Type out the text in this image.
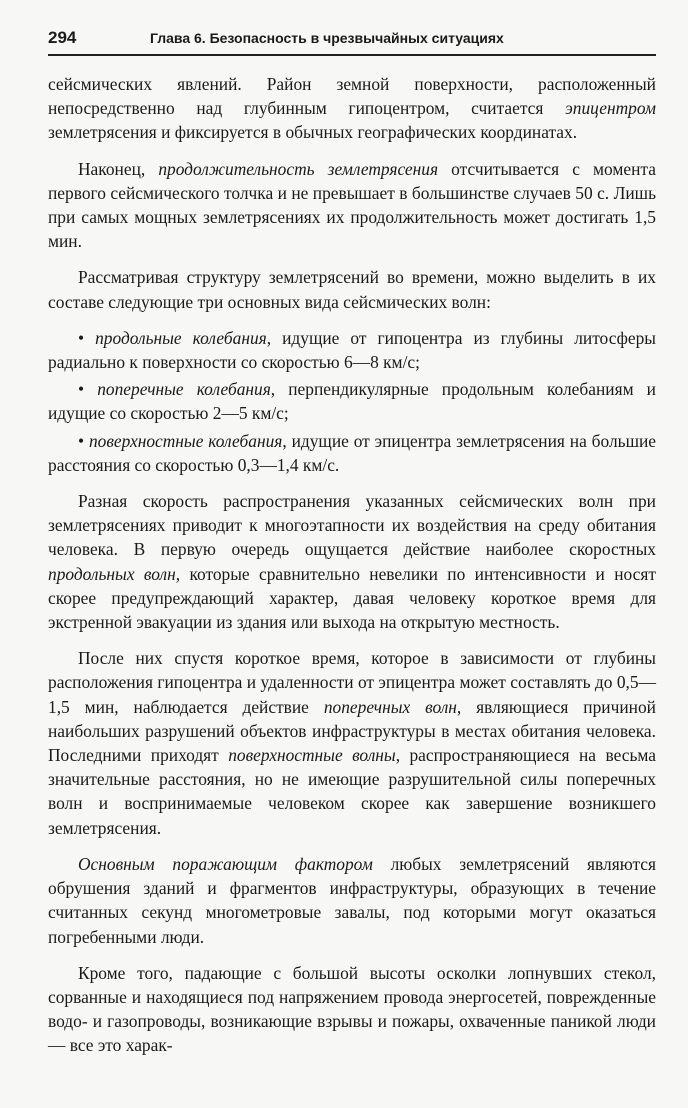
294	Глава 6. Безопасность в чрезвычайных ситуациях

сейсмических явлений. Район земной поверхности, расположенный непосредственно над глубинным гипоцентром, считается эпицентром землетрясения и фиксируется в обычных географических координатах.

Наконец, продолжительность землетрясения отсчитывается с момента первого сейсмического толчка и не превышает в большинстве случаев 50 с. Лишь при самых мощных землетрясениях их продолжительность может достигать 1,5 мин.

Рассматривая структуру землетрясений во времени, можно выделить в их составе следующие три основных вида сейсмических волн:

• продольные колебания, идущие от гипоцентра из глубины литосферы радиально к поверхности со скоростью 6—8 км/с;

• поперечные колебания, перпендикулярные продольным колебаниям и идущие со скоростью 2—5 км/с;

• поверхностные колебания, идущие от эпицентра землетрясения на большие расстояния со скоростью 0,3—1,4 км/с.

Разная скорость распространения указанных сейсмических волн при землетрясениях приводит к многоэтапности их воздействия на среду обитания человека. В первую очередь ощущается действие наиболее скоростных продольных волн, которые сравнительно невелики по интенсивности и носят скорее предупреждающий характер, давая человеку короткое время для экстренной эвакуации из здания или выхода на открытую местность.

После них спустя короткое время, которое в зависимости от глубины расположения гипоцентра и удаленности от эпицентра может составлять до 0,5—1,5 мин, наблюдается действие поперечных волн, являющиеся причиной наибольших разрушений объектов инфраструктуры в местах обитания человека. Последними приходят поверхностные волны, распространяющиеся на весьма значительные расстояния, но не имеющие разрушительной силы поперечных волн и воспринимаемые человеком скорее как завершение возникшего землетрясения.

Основным поражающим фактором любых землетрясений являются обрушения зданий и фрагментов инфраструктуры, образующих в течение считанных секунд многометровые завалы, под которыми могут оказаться погребенными люди.

Кроме того, падающие с большой высоты осколки лопнувших стекол, сорванные и находящиеся под напряжением провода энергосетей, поврежденные водо- и газопроводы, возникающие взрывы и пожары, охваченные паникой люди — все это харак-
